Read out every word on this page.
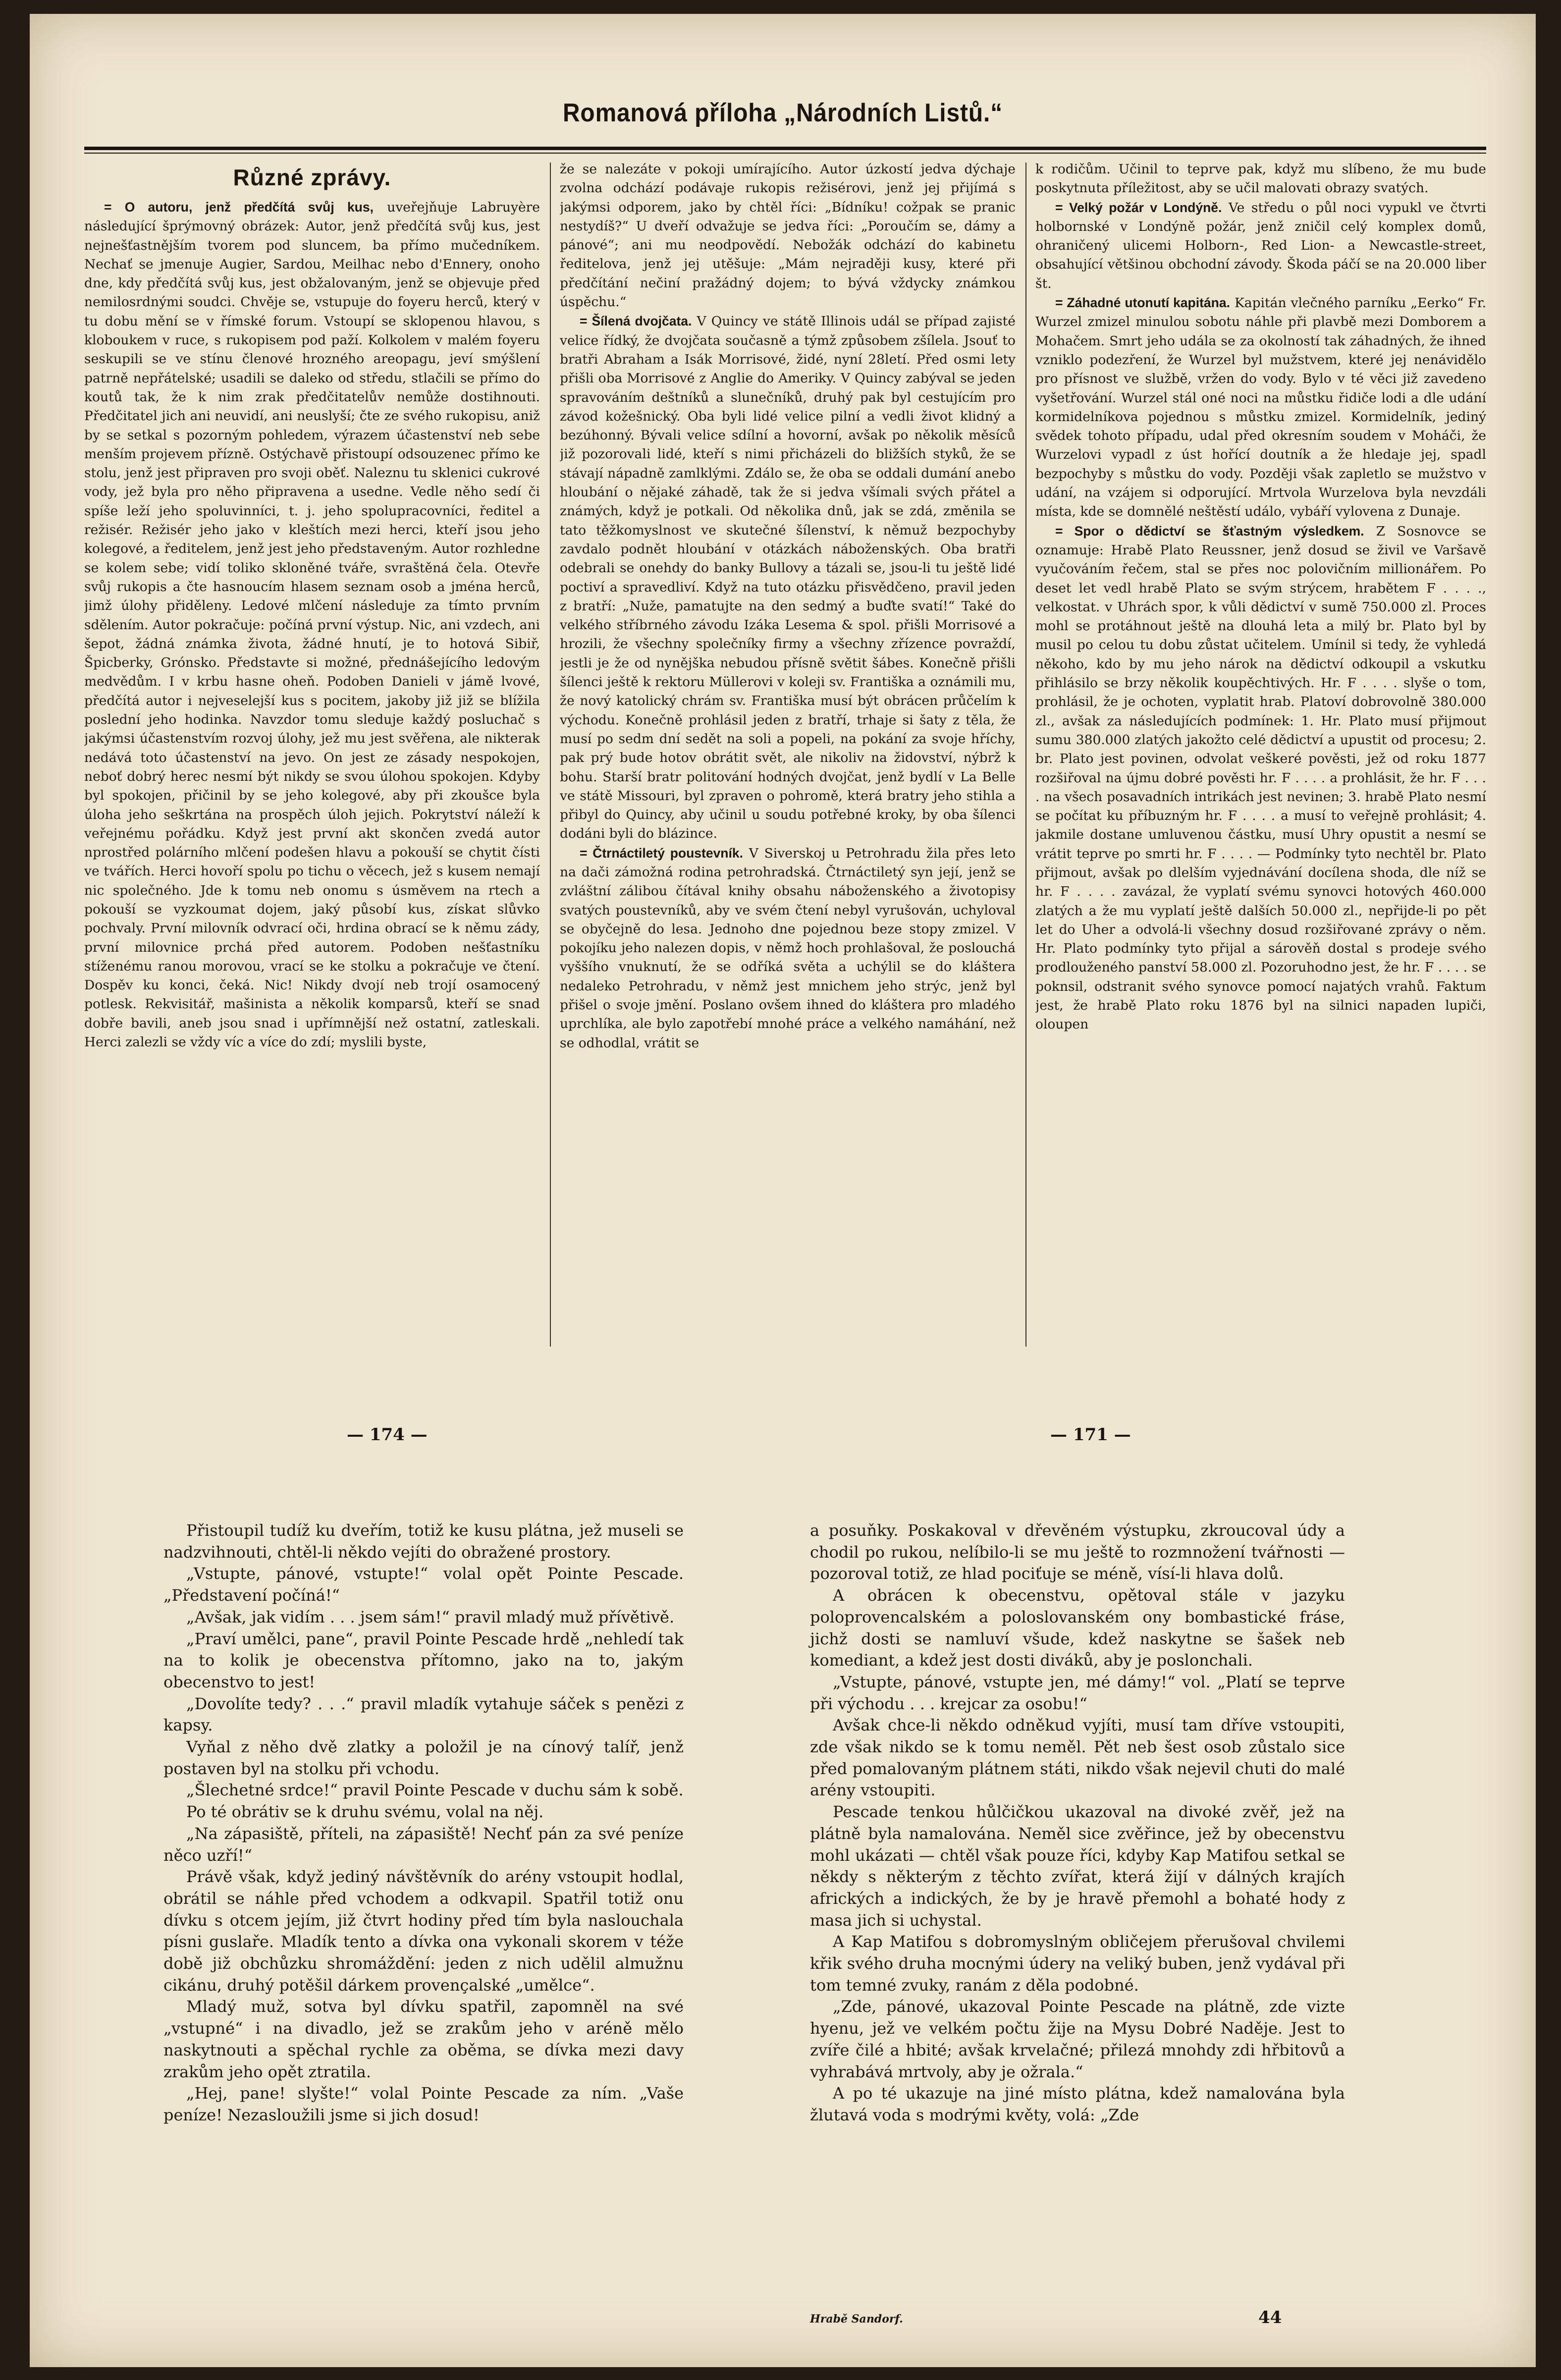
Romanová příloha „Národních Listů.“
Různé zprávy.

= O autoru, jenž předčítá svůj kus, uveřejňuje Labruyère následující šprýmovný obrázek: Autor, jenž předčítá svůj kus, jest nejnešťastnějším tvorem pod sluncem, ba přímo mučedníkem. Nechať se jmenuje Augier, Sardou, Meilhac nebo d'Ennery, onoho dne, kdy předčítá svůj kus, jest obžalovaným, jenž se objevuje před nemilosrdnými soudci. Chvěje se, vstupuje do foyeru herců, který v tu dobu mění se v římské forum. Vstoupí se sklopenou hlavou, s kloboukem v ruce, s rukopisem pod paží. Kolkolem v malém foyeru seskupili se ve stínu členové hrozného areopagu, jeví smýšlení patrně nepřátelské; usadili se daleko od středu, stlačili se přímo do koutů tak, že k nim zrak předčitatelův nemůže dostihnouti. Předčitatel jich ani neuvidí, ani neuslyší; čte ze svého rukopisu, aniž by se setkal s pozorným pohledem, výrazem účastenství neb sebe menším projevem přízně. Ostýchavě přistoupí odsouzenec přímo ke stolu, jenž jest připraven pro svoji oběť. Naleznu tu sklenici cukrové vody, jež byla pro něho připravena a usedne. Vedle něho sedí či spíše leží jeho spoluvinníci, t. j. jeho spolupracovníci, ředitel a režisér. Režisér jeho jako v kleštích mezi herci, kteří jsou jeho kolegové, a ředitelem, jenž jest jeho představeným. Autor rozhledne se kolem sebe; vidí toliko skloněné tváře, svraštěná čela. Otevře svůj rukopis a čte hasnoucím hlasem seznam osob a jména herců, jimž úlohy přiděleny. Ledové mlčení následuje za tímto prvním sdělením. Autor pokračuje: počíná první výstup. Nic, ani vzdech, ani šepot, žádná známka života, žádné hnutí, je to hotová Sibiř, Špicberky, Grónsko. Představte si možné, přednášejícího ledovým medvědům. I v krbu hasne oheň. Podoben Danieli v jámě lvové, předčítá autor i nejveselejší kus s pocitem, jakoby již již se blížila poslední jeho hodinka. Navzdor tomu sleduje každý posluchač s jakýmsi účastenstvím rozvoj úlohy, jež mu jest svěřena, ale nikterak nedává toto účastenství na jevo. On jest ze zásady nespokojen, neboť dobrý herec nesmí být nikdy se svou úlohou spokojen. Kdyby byl spokojen, přičinil by se jeho kolegové, aby při zkoušce byla úloha jeho seškrtána na prospěch úloh jejich. Pokrytství náleží k veřejnému pořádku. Když jest první akt skončen zvedá autor nprostřed polárního mlčení podešen hlavu a pokouší se chytit čísti ve tvářích. Herci hovoří spolu po tichu o věcech, jež s kusem nemají nic společného. Jde k tomu neb onomu s úsměvem na rtech a pokouší se vyzkoumat dojem, jaký působí kus, získat slůvko pochvaly. První milovník odvrací oči, hrdina obrací se k němu zády, první milovnice prchá před autorem. Podoben nešťastníku stíženému ranou morovou, vrací se ke stolku a pokračuje ve čtení. Dospěv ku konci, čeká. Nic! Nikdy dvojí neb trojí osamocený potlesk. Rekvisitář, mašinista a několik komparsů, kteří se snad dobře bavili, aneb jsou snad i upřímnější než ostatní, zatleskali. Herci zalezli se vždy víc a více do zdí; myslili byste,

že se nalezáte v pokoji umírajícího. Autor úzkostí jedva dýchaje zvolna odchází podávaje rukopis režisérovi, jenž jej přijímá s jakýmsi odporem, jako by chtěl říci: „Bídníku! cožpak se pranic nestydíš?“ U dveří odvažuje se jedva říci: „Poroučím se, dámy a pánové“; ani mu neodpovědí. Nebožák odchází do kabinetu ředitelova, jenž jej utěšuje: „Mám nejraději kusy, které při předčítání nečiní pražádný dojem; to bývá vždycky známkou úspěchu.“

= Šílená dvojčata. V Quincy ve státě Illinois udál se případ zajisté velice řídký, že dvojčata současně a týmž způsobem zšílela. Jsouť to bratři Abraham a Isák Morrisové, židé, nyní 28letí. Před osmi lety přišli oba Morrisové z Anglie do Ameriky. V Quincy zabýval se jeden spravováním deštníků a slunečníků, druhý pak byl cestujícím pro závod kožešnický. Oba byli lidé velice pilní a vedli život klidný a bezúhonný. Bývali velice sdílní a hovorní, avšak po několik měsíců již pozorovali lidé, kteří s nimi přicházeli do bližších styků, že se stávají nápadně zamlklými. Zdálo se, že oba se oddali dumání anebo hloubání o nějaké záhadě, tak že si jedva všímali svých přátel a známých, když je potkali. Od několika dnů, jak se zdá, změnila se tato těžkomyslnost ve skutečné šílenství, k němuž bezpochyby zavdalo podnět hloubání v otázkách náboženských. Oba bratři odebrali se onehdy do banky Bullovy a tázali se, jsou-li tu ještě lidé poctiví a spravedliví. Když na tuto otázku přisvědčeno, pravil jeden z bratří: „Nuže, pamatujte na den sedmý a buďte svatí!“ Také do velkého stříbrného závodu Izáka Lesema & spol. přišli Morrisové a hrozili, že všechny společníky firmy a všechny zřízence povraždí, jestli je že od nynějška nebudou přísně světit šábes. Konečně přišli šílenci ještě k rektoru Müllerovi v koleji sv. Františka a oznámili mu, že nový katolický chrám sv. Františka musí být obrácen průčelím k východu. Konečně prohlásil jeden z bratří, trhaje si šaty z těla, že musí po sedm dní sedět na soli a popeli, na pokání za svoje hříchy, pak prý bude hotov obrátit svět, ale nikoliv na židovství, nýbrž k bohu. Starší bratr politování hodných dvojčat, jenž bydlí v La Belle ve státě Missouri, byl zpraven o pohromě, která bratry jeho stihla a přibyl do Quincy, aby učinil u soudu potřebné kroky, by oba šílenci dodáni byli do blázince.

= Čtrnáctiletý poustevník. V Siverskoj u Petrohradu žila přes leto na dači zámožná rodina petrohradská. Čtrnáctiletý syn její, jenž se zvláštní zálibou čítával knihy obsahu náboženského a životopisy svatých poustevníků, aby ve svém čtení nebyl vyrušován, uchyloval se obyčejně do lesa. Jednoho dne pojednou beze stopy zmizel. V pokojíku jeho nalezen dopis, v němž hoch prohlašoval, že poslouchá vyššího vnuknutí, že se odříká světa a uchýlil se do kláštera nedaleko Petrohradu, v němž jest mnichem jeho strýc, jenž byl přišel o svoje jmění. Poslano ovšem ihned do kláštera pro mladého uprchlíka, ale bylo zapotřebí mnohé práce a velkého namáhání, než se odhodlal, vrátit se

k rodičům. Učinil to teprve pak, když mu slíbeno, že mu bude poskytnuta příležitost, aby se učil malovati obrazy svatých.

= Velký požár v Londýně. Ve středu o půl noci vypukl ve čtvrti holbornské v Londýně požár, jenž zničil celý komplex domů, ohraničený ulicemi Holborn-, Red Lion- a Newcastle-street, obsahující většinou obchodní závody. Škoda páčí se na 20.000 liber št.

= Záhadné utonutí kapitána. Kapitán vlečného parníku „Eerko“ Fr. Wurzel zmizel minulou sobotu náhle při plavbě mezi Domborem a Mohačem. Smrt jeho udála se za okolností tak záhadných, že ihned vzniklo podezření, že Wurzel byl mužstvem, které jej nenávidělo pro přísnost ve službě, vržen do vody. Bylo v té věci již zavedeno vyšetřování. Wurzel stál oné noci na můstku řidiče lodi a dle udání kormidelníkova pojednou s můstku zmizel. Kormidelník, jediný svědek tohoto případu, udal před okresním soudem v Moháči, že Wurzelovi vypadl z úst hořící doutník a že hledaje jej, spadl bezpochyby s můstku do vody. Později však zapletlo se mužstvo v udání, na vzájem si odporující. Mrtvola Wurzelova byla nevzdáli místa, kde se domnělé neštěstí událo, vybáří vylovena z Dunaje.

= Spor o dědictví se šťastným výsledkem. Z Sosnovce se oznamuje: Hrabě Plato Reussner, jenž dosud se živil ve Varšavě vyučováním řečem, stal se přes noc polovičním millionářem. Po deset let vedl hrabě Plato se svým strýcem, hrabětem F . . . ., velkostat. v Uhrách spor, k vůli dědictví v sumě 750.000 zl. Proces mohl se protáhnout ještě na dlouhá leta a milý br. Plato byl by musil po celou tu dobu zůstat učitelem. Umínil si tedy, že vyhledá někoho, kdo by mu jeho nárok na dědictví odkoupil a vskutku přihlásilo se brzy několik koupěchtivých. Hr. F . . . . slyše o tom, prohlásil, že je ochoten, vyplatit hrab. Platoví dobrovolně 380.000 zl., avšak za následujících podmínek: 1. Hr. Plato musí přijmout sumu 380.000 zlatých jakožto celé dědictví a upustit od procesu; 2. br. Plato jest povinen, odvolat veškeré pověsti, jež od roku 1877 rozšiřoval na újmu dobré pověsti hr. F . . . . a prohlásit, že hr. F . . . . na všech posavadních intrikách jest nevinen; 3. hrabě Plato nesmí se počítat ku příbuzným hr. F . . . . a musí to veřejně prohlásit; 4. jakmile dostane umluvenou částku, musí Uhry opustit a nesmí se vrátit teprve po smrti hr. F . . . . — Podmínky tyto nechtěl br. Plato přijmout, avšak po dlelším vyjednávání docílena shoda, dle níž se hr. F . . . . zavázal, že vyplatí svému synovci hotových 460.000 zlatých a že mu vyplatí ještě dalších 50.000 zl., nepřijde-li po pět let do Uher a odvolá-li všechny dosud rozšiřované zprávy o něm. Hr. Plato podmínky tyto přijal a sárověň dostal s prodeje svého prodlouženého panství 58.000 zl. Pozoruhodno jest, že hr. F . . . . se poknsil, odstranit svého synovce pomocí najatých vrahů. Faktum jest, že hrabě Plato roku 1876 byl na silnici napaden lupiči, oloupen

— 174 —	— 171 —

Přistoupil tudíž ku dveřím, totiž ke kusu plátna, jež museli se nadzvihnouti, chtěl-li někdo vejíti do obražené prostory.

„Vstupte, pánové, vstupte!“ volal opět Pointe Pescade. „Představení počíná!“

„Avšak, jak vidím . . . jsem sám!“ pravil mladý muž přívětivě.

„Praví umělci, pane“, pravil Pointe Pescade hrdě „nehledí tak na to kolik je obecenstva přítomno, jako na to, jakým obecenstvo to jest!

„Dovolíte tedy? . . .“ pravil mladík vytahuje sáček s penězi z kapsy.

Vyňal z něho dvě zlatky a položil je na cínový talíř, jenž postaven byl na stolku při vchodu.

„Šlechetné srdce!“ pravil Pointe Pescade v duchu sám k sobě.

Po té obrátiv se k druhu svému, volal na něj.

„Na zápasiště, příteli, na zápasiště! Nechť pán za své peníze něco uzří!“

Právě však, když jediný návštěvník do arény vstoupit hodlal, obrátil se náhle před vchodem a odkvapil. Spatřil totiž onu dívku s otcem jejím, již čtvrt hodiny před tím byla naslouchala písni guslaře. Mladík tento a dívka ona vykonali skorem v téže době již obchůzku shromáždění: jeden z nich udělil almužnu cikánu, druhý potěšil dárkem provençalské „umělce“.

Mladý muž, sotva byl dívku spatřil, zapomněl na své „vstupné“ i na divadlo, jež se zrakům jeho v aréně mělo naskytnouti a spěchal rychle za oběma, se dívka mezi davy zrakům jeho opět ztratila.

„Hej, pane! slyšte!“ volal Pointe Pescade za ním. „Vaše peníze! Nezasloužili jsme si jich dosud!

a posuňky. Poskakoval v dřevěném výstupku, zkroucoval údy a chodil po rukou, nelíbilo-li se mu ještě to rozmnožení tvářnosti — pozoroval totiž, ze hlad pociťuje se méně, vísí-li hlava dolů.

A obrácen k obecenstvu, opětoval stále v jazyku poloprovencalském a poloslovanském ony bombastické fráse, jichž dosti se namluví všude, kdež naskytne se šašek neb komediant, a kdež jest dosti diváků, aby je poslonchali.

„Vstupte, pánové, vstupte jen, mé dámy!“ vol. „Platí se teprve při východu . . . krejcar za osobu!“

Avšak chce-li někdo odněkud vyjíti, musí tam dříve vstoupiti, zde však nikdo se k tomu neměl. Pět neb šest osob zůstalo sice před pomalovaným plátnem státi, nikdo však nejevil chuti do malé arény vstoupiti.

Pescade tenkou hůlčičkou ukazoval na divoké zvěř, jež na plátně byla namalována. Neměl sice zvěřince, jež by obecenstvu mohl ukázati — chtěl však pouze říci, kdyby Kap Matifou setkal se někdy s některým z těchto zvířat, která žijí v dálných krajích afrických a indických, že by je hravě přemohl a bohaté hody z masa jich si uchystal.

A Kap Matifou s dobromyslným obličejem přerušoval chvilemi křik svého druha mocnými údery na veliký buben, jenž vydával při tom temné zvuky, ranám z děla podobné.

„Zde, pánové, ukazoval Pointe Pescade na plátně, zde vizte hyenu, jež ve velkém počtu žije na Mysu Dobré Naděje. Jest to zvíře čilé a hbité; avšak krvelačné; přilezá mnohdy zdi hřbitovů a vyhrabává mrtvoly, aby je ožrala.“

A po té ukazuje na jiné místo plátna, kdež namalována byla žlutavá voda s modrými květy, volá: „Zde

Hrabě Sandorf.	44
